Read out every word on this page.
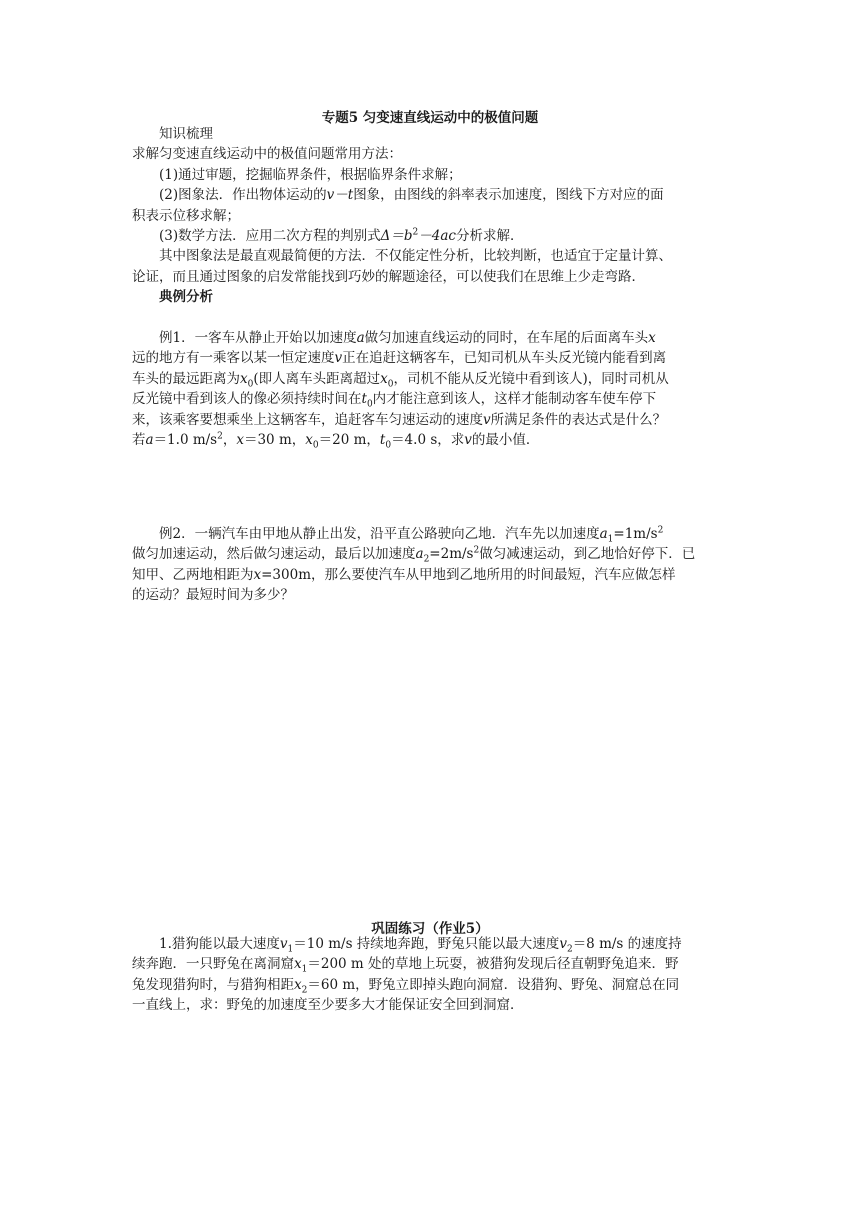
专题5 匀变速直线运动中的极值问题
知识梳理
求解匀变速直线运动中的极值问题常用方法：
(1)通过审题，挖掘临界条件，根据临界条件求解；
(2)图象法．作出物体运动的v－t图象，由图线的斜率表示加速度，图线下方对应的面
积表示位移求解；
(3)数学方法．应用二次方程的判别式$\Delta=b^2-4ac$分析求解．
其中图象法是最直观最简便的方法．不仅能定性分析，比较判断，也适宜于定量计算、
论证，而且通过图象的启发常能找到巧妙的解题途径，可以使我们在思维上少走弯路．
典例分析
例1．一客车从静止开始以加速度a做匀加速直线运动的同时，在车尾的后面离车头x
远的地方有一乘客以某一恒定速度v正在追赶这辆客车，已知司机从车头反光镜内能看到离
车头的最远距离为$x_0$(即人离车头距离超过$x_0$，司机不能从反光镜中看到该人)，同时司机从
反光镜中看到该人的像必须持续时间在$t_0$内才能注意到该人，这样才能制动客车使车停下
来，该乘客要想乘坐上这辆客车，追赶客车匀速运动的速度v所满足条件的表达式是什么？
若a＝1.0 $m/s^2$，x＝30 m，$x_0=20$ m，$t_0=4.0$ s，求v的最小值．
例2．一辆汽车由甲地从静止出发，沿平直公路驶向乙地．汽车先以加速度$a_1=1m/s^2$
做匀加速运动，然后做匀速运动，最后以加速度$a_2=2m/s^2$做匀减速运动，到乙地恰好停下．已
知甲、乙两地相距为x=300m，那么要使汽车从甲地到乙地所用的时间最短，汽车应做怎样
的运动？最短时间为多少？
巩固练习（作业5）
1.猎狗能以最大速度$v_1=10$ m/s 持续地奔跑，野兔只能以最大速度$v_2=8$ m/s 的速度持
续奔跑．一只野兔在离洞窟$x_1=200$ m 处的草地上玩耍，被猎狗发现后径直朝野兔追来．野
兔发现猎狗时，与猎狗相距$x_2=60$ m，野兔立即掉头跑向洞窟．设猎狗、野兔、洞窟总在同
一直线上，求：野兔的加速度至少要多大才能保证安全回到洞窟．
